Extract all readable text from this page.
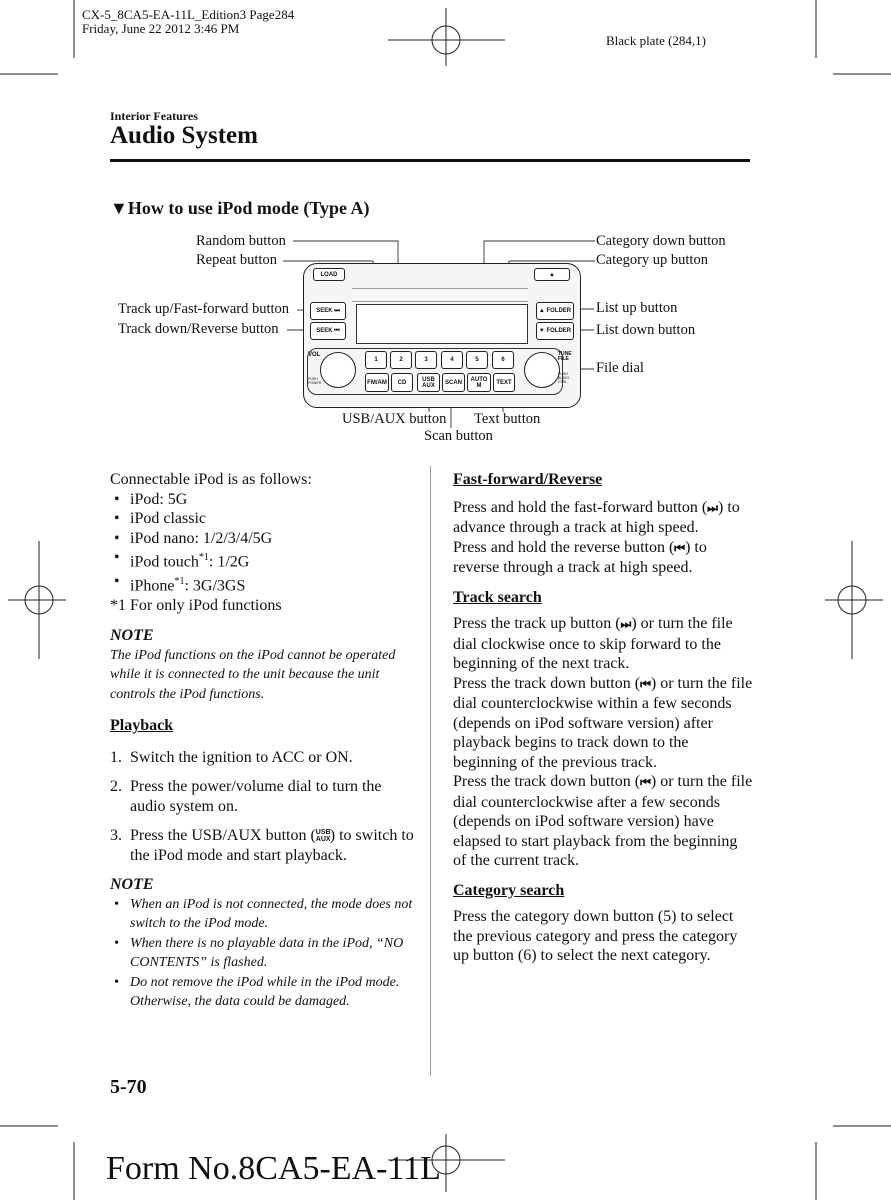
CX-5_8CA5-EA-11L_Edition3 Page284
Friday, June 22 2012 3:46 PM
Black plate (284,1)
Interior Features
Audio System
▼How to use iPod mode (Type A)
Random button
Repeat button
Track up/Fast-forward button
Track down/Reverse button
Category down button
Category up button
List up button
List down button
File dial
USB/AUX button Text button
Scan button
LOAD	▲
SEEK ⏭
SEEK ⏮
▲ FOLDER
▼ FOLDER
VOL
PUSH POWER
TUNE FILE
PUSH AUDIO CTRL
1	2	3	4	5	6
FM/AM	CD	USB AUX	SCAN	AUTO M	TEXT
Connectable iPod is as follows:
• iPod: 5G
• iPod classic
• iPod nano: 1/2/3/4/5G
• iPod touch$^{*1}$: 1/2G
• iPhone$^{*1}$: 3G/3GS
*1 For only iPod functions
NOTE
The iPod functions on the iPod cannot be operated while it is connected to the unit because the unit controls the iPod functions.
Playback
1. Switch the ignition to ACC or ON.
2. Press the power/volume dial to turn the audio system on.
3. Press the USB/AUX button (USB AUX) to switch to the iPod mode and start playback.
NOTE
• When an iPod is not connected, the mode does not switch to the iPod mode.
• When there is no playable data in the iPod, “NO CONTENTS” is flashed.
• Do not remove the iPod while in the iPod mode. Otherwise, the data could be damaged.
Fast-forward/Reverse
Press and hold the fast-forward button (⏭) to advance through a track at high speed.
Press and hold the reverse button (⏮) to reverse through a track at high speed.
Track search
Press the track up button (⏭) or turn the file dial clockwise once to skip forward to the beginning of the next track.
Press the track down button (⏮) or turn the file dial counterclockwise within a few seconds (depends on iPod software version) after playback begins to track down to the beginning of the previous track.
Press the track down button (⏮) or turn the file dial counterclockwise after a few seconds (depends on iPod software version) have elapsed to start playback from the beginning of the current track.
Category search
Press the category down button (5) to select the previous category and press the category up button (6) to select the next category.
5-70
Form No.8CA5-EA-11L
